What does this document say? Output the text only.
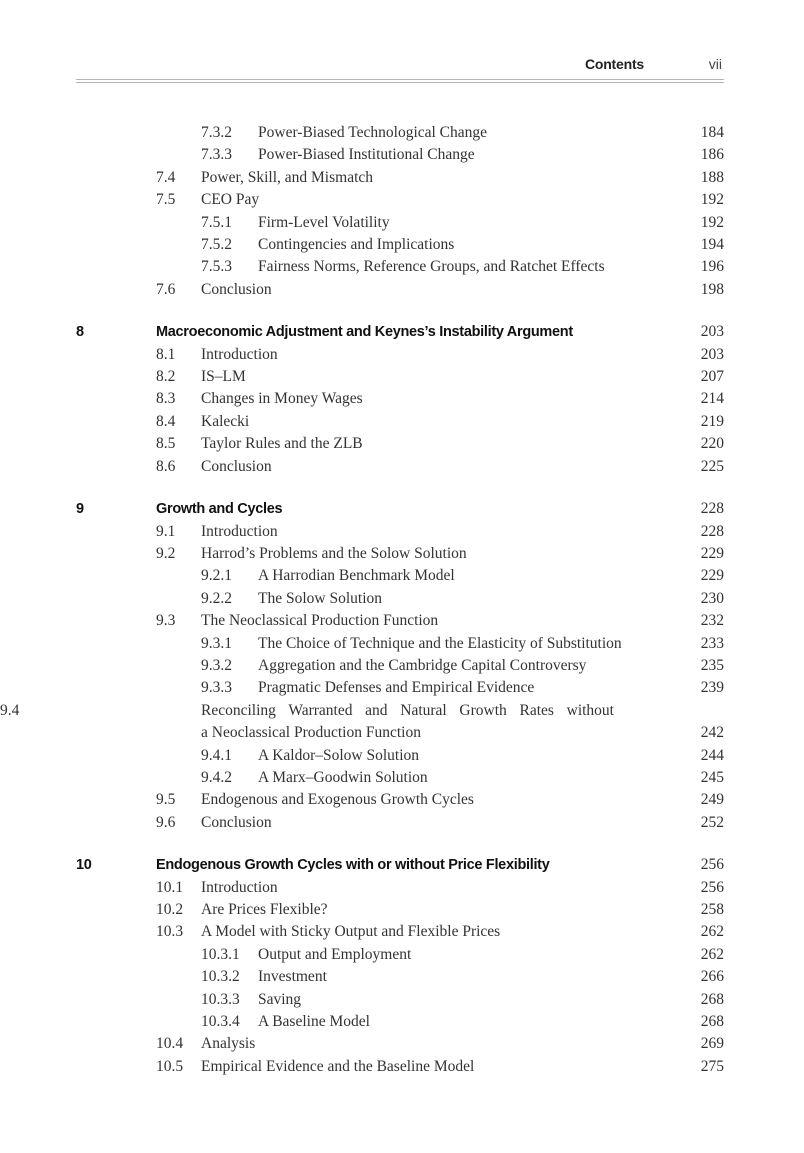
Contents	vii
7.3.2 Power-Biased Technological Change	184
7.3.3 Power-Biased Institutional Change	186
7.4 Power, Skill, and Mismatch	188
7.5 CEO Pay	192
7.5.1 Firm-Level Volatility	192
7.5.2 Contingencies and Implications	194
7.5.3 Fairness Norms, Reference Groups, and Ratchet Effects	196
7.6 Conclusion	198
8	Macroeconomic Adjustment and Keynes’s Instability Argument	203
8.1 Introduction	203
8.2 IS–LM	207
8.3 Changes in Money Wages	214
8.4 Kalecki	219
8.5 Taylor Rules and the ZLB	220
8.6 Conclusion	225
9	Growth and Cycles	228
9.1 Introduction	228
9.2 Harrod’s Problems and the Solow Solution	229
9.2.1 A Harrodian Benchmark Model	229
9.2.2 The Solow Solution	230
9.3 The Neoclassical Production Function	232
9.3.1 The Choice of Technique and the Elasticity of Substitution	233
9.3.2 Aggregation and the Cambridge Capital Controversy	235
9.3.3 Pragmatic Defenses and Empirical Evidence	239
9.4	Reconciling Warranted and Natural Growth Rates without
a Neoclassical Production Function	242
9.4.1 A Kaldor–Solow Solution	244
9.4.2 A Marx–Goodwin Solution	245
9.5 Endogenous and Exogenous Growth Cycles	249
9.6 Conclusion	252
10	Endogenous Growth Cycles with or without Price Flexibility	256
10.1 Introduction	256
10.2 Are Prices Flexible?	258
10.3 A Model with Sticky Output and Flexible Prices	262
10.3.1 Output and Employment	262
10.3.2 Investment	266
10.3.3 Saving	268
10.3.4 A Baseline Model	268
10.4 Analysis	269
10.5 Empirical Evidence and the Baseline Model	275
